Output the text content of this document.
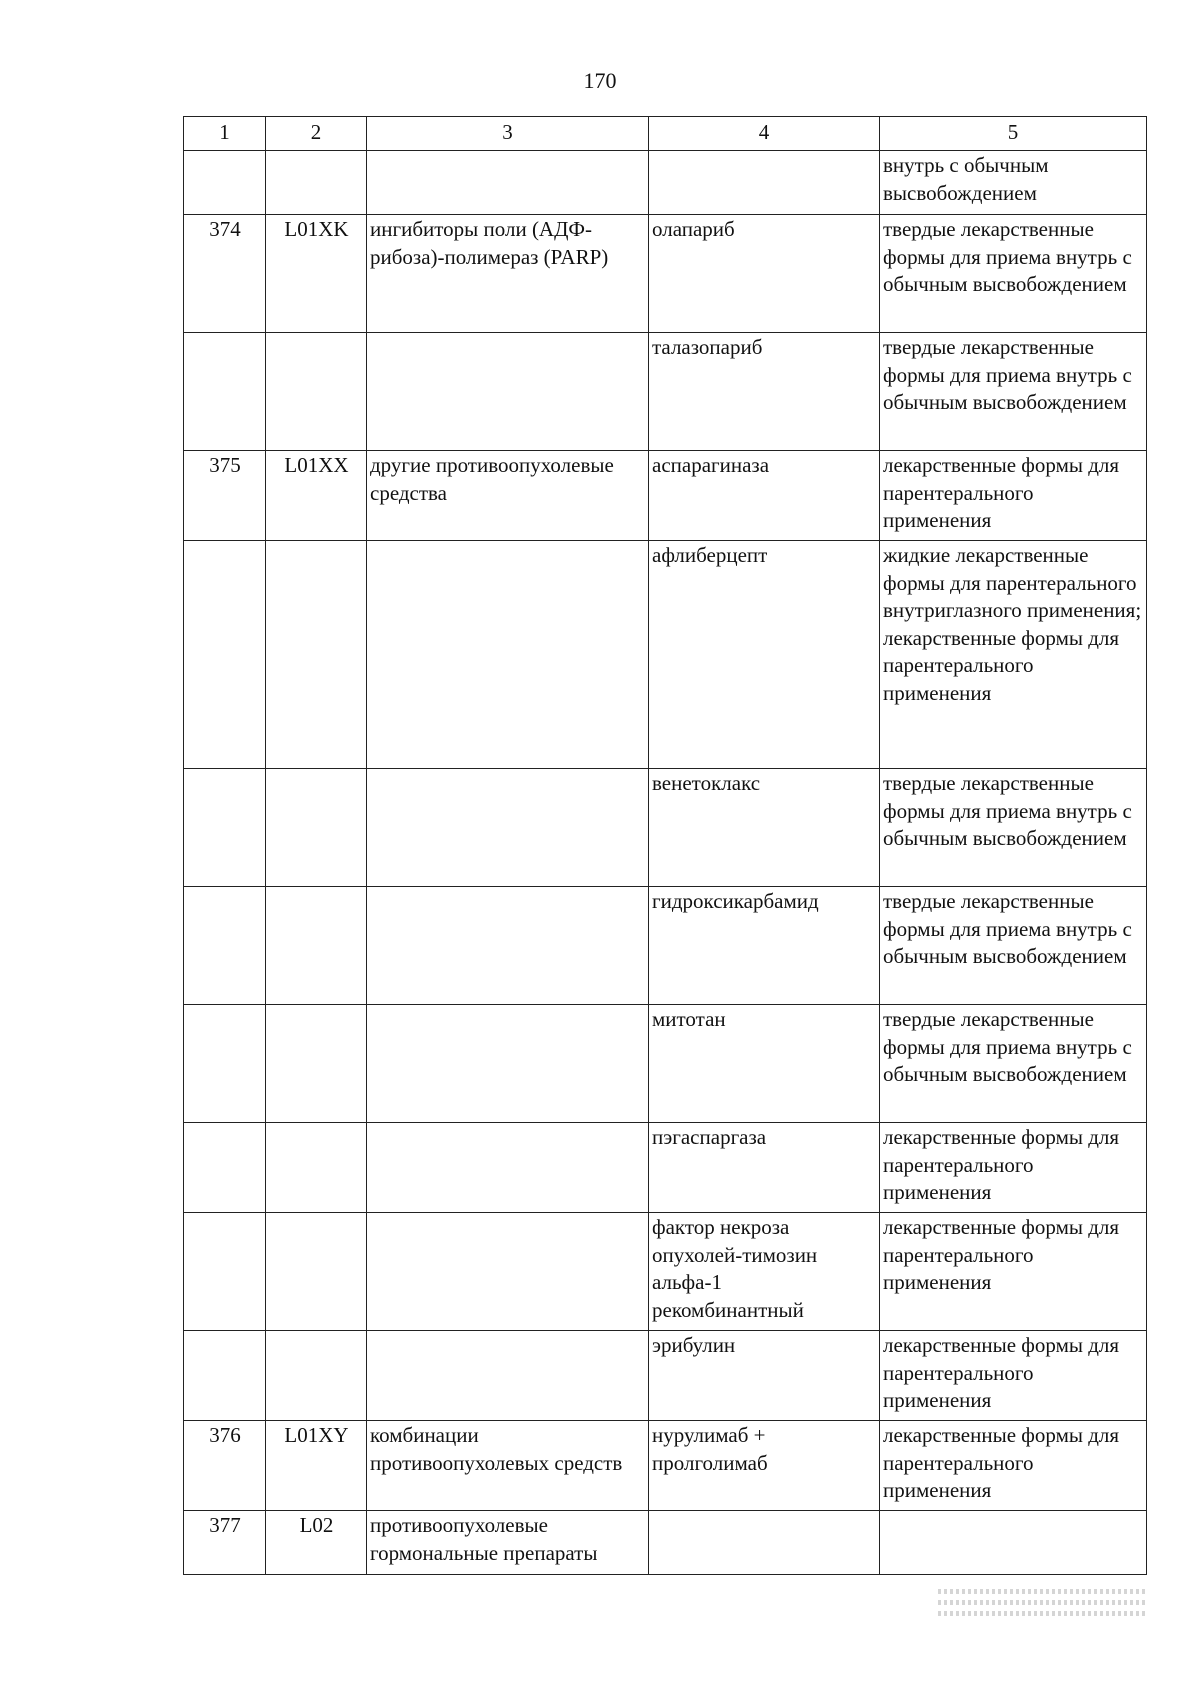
170
1	2	3	4	5
				внутрь с обычным высвобождением
374	L01XK	ингибиторы поли (АДФ-рибоза)-полимераз (PARP)	олапариб	твердые лекарственные формы для приема внутрь с обычным высвобождением
			талазопариб	твердые лекарственные формы для приема внутрь с обычным высвобождением
375	L01XX	другие противоопухолевые средства	аспарагиназа	лекарственные формы для парентерального применения
			афлиберцепт	жидкие лекарственные формы для парентерального внутриглазного применения; лекарственные формы для парентерального применения
			венетоклакс	твердые лекарственные формы для приема внутрь с обычным высвобождением
			гидроксикарбамид	твердые лекарственные формы для приема внутрь с обычным высвобождением
			митотан	твердые лекарственные формы для приема внутрь с обычным высвобождением
			пэгаспаргаза	лекарственные формы для парентерального применения
			фактор некроза опухолей-тимозин альфа-1 рекомбинантный	лекарственные формы для парентерального применения
			эрибулин	лекарственные формы для парентерального применения
376	L01XY	комбинации противоопухолевых средств	нурулимаб + пролголимаб	лекарственные формы для парентерального применения
377	L02	противоопухолевые гормональные препараты		
